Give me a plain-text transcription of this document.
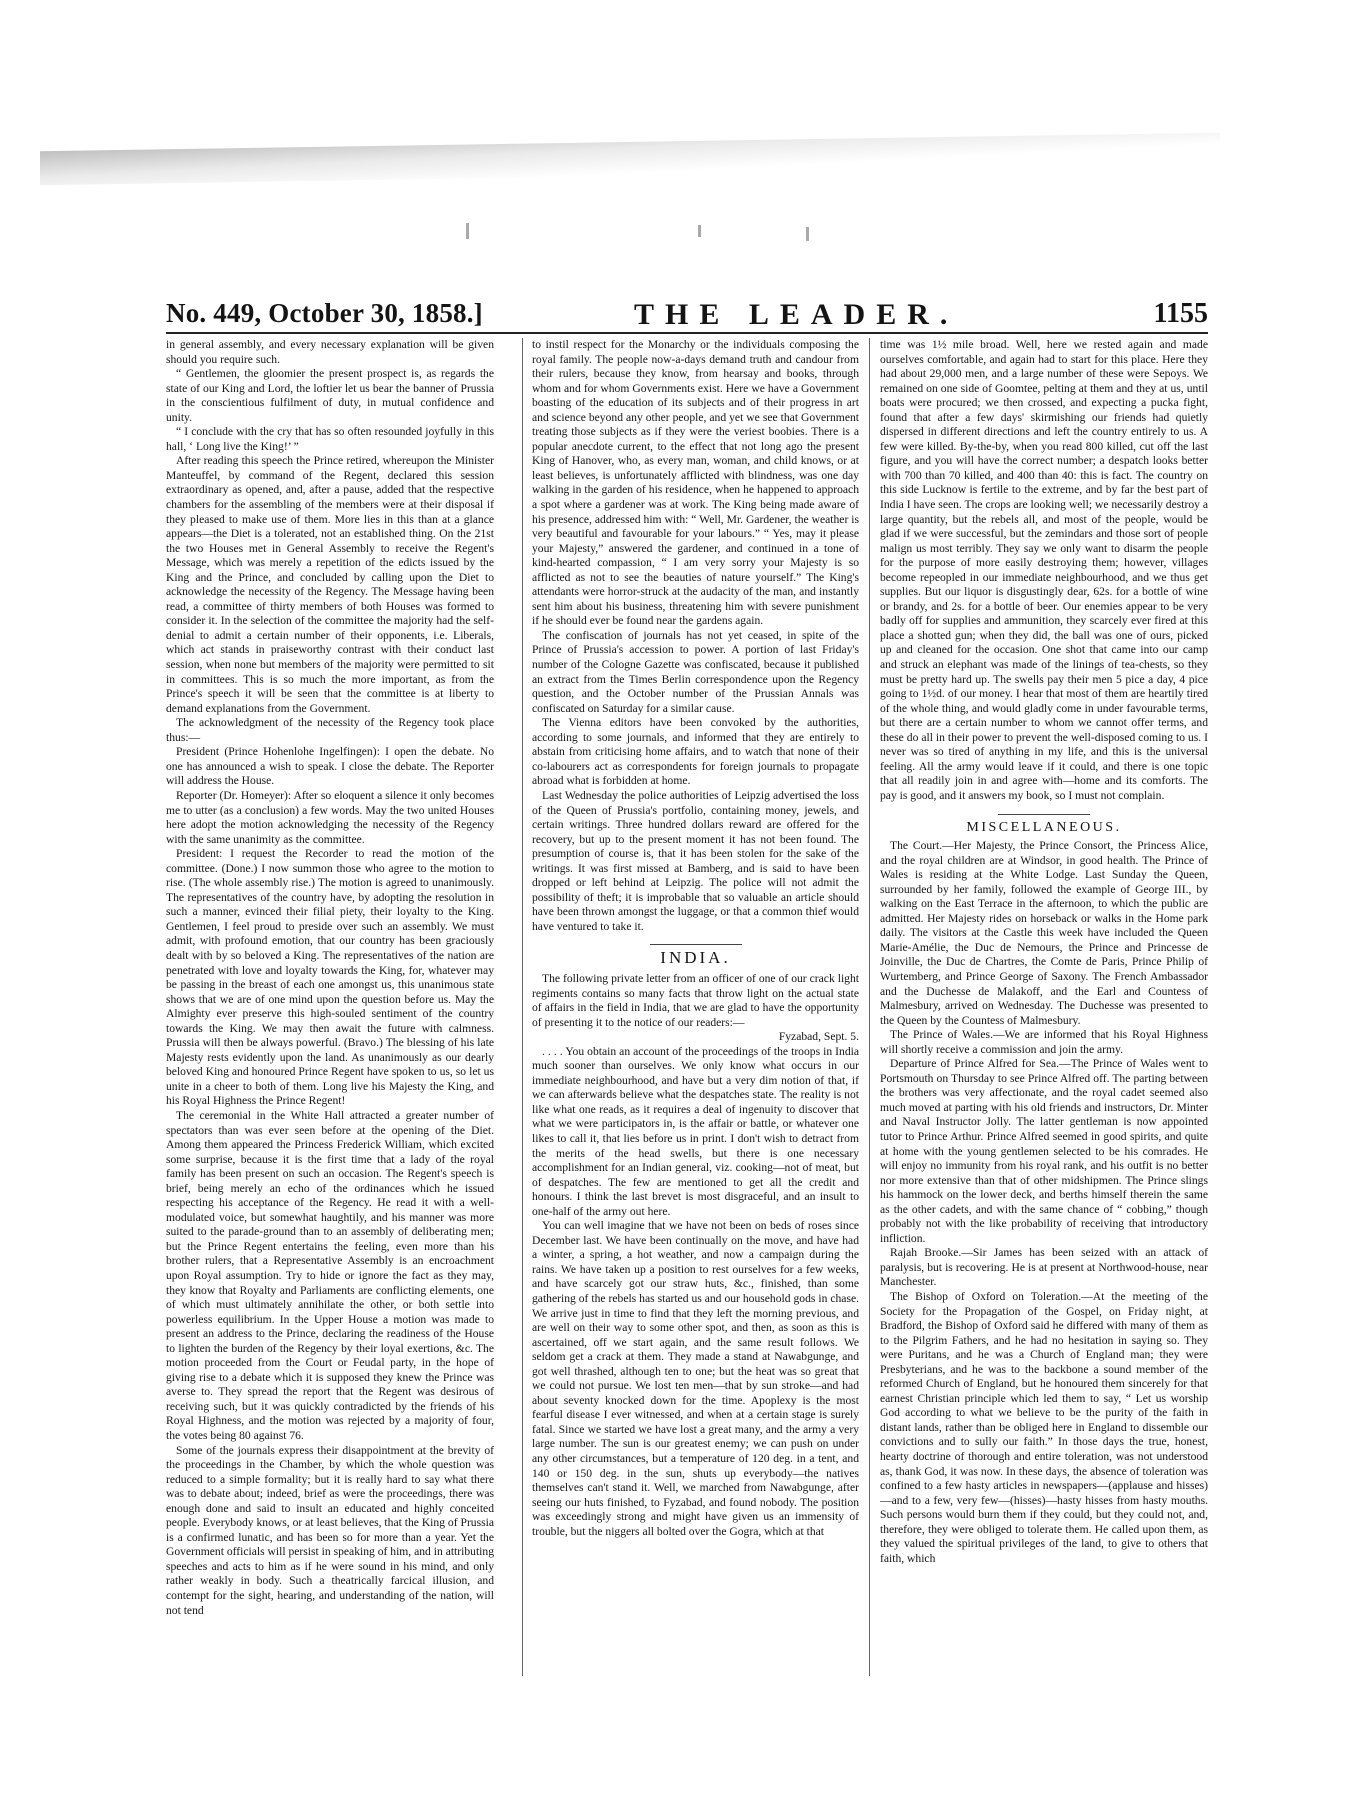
No. 449, October 30, 1858.]	THE LEADER.	1155

in general assembly, and every necessary explanation will be given should you require such.

“ Gentlemen, the gloomier the present prospect is, as regards the state of our King and Lord, the loftier let us bear the banner of Prussia in the conscientious fulfilment of duty, in mutual confidence and unity.

“ I conclude with the cry that has so often resounded joyfully in this hall, ‘ Long live the King!’ ”

After reading this speech the Prince retired, whereupon the Minister Manteuffel, by command of the Regent, declared this session extraordinary as opened, and, after a pause, added that the respective chambers for the assembling of the members were at their disposal if they pleased to make use of them. More lies in this than at a glance appears—the Diet is a tolerated, not an established thing. On the 21st the two Houses met in General Assembly to receive the Regent's Message, which was merely a repetition of the edicts issued by the King and the Prince, and concluded by calling upon the Diet to acknowledge the necessity of the Regency. The Message having been read, a committee of thirty members of both Houses was formed to consider it. In the selection of the committee the majority had the self-denial to admit a certain number of their opponents, i.e. Liberals, which act stands in praiseworthy contrast with their conduct last session, when none but members of the majority were permitted to sit in committees. This is so much the more important, as from the Prince's speech it will be seen that the committee is at liberty to demand explanations from the Government.

The acknowledgment of the necessity of the Regency took place thus:—

President (Prince Hohenlohe Ingelfingen): I open the debate. No one has announced a wish to speak. I close the debate. The Reporter will address the House.

Reporter (Dr. Homeyer): After so eloquent a silence it only becomes me to utter (as a conclusion) a few words. May the two united Houses here adopt the motion acknowledging the necessity of the Regency with the same unanimity as the committee.

President: I request the Recorder to read the motion of the committee. (Done.) I now summon those who agree to the motion to rise. (The whole assembly rise.) The motion is agreed to unanimously. The representatives of the country have, by adopting the resolution in such a manner, evinced their filial piety, their loyalty to the King. Gentlemen, I feel proud to preside over such an assembly. We must admit, with profound emotion, that our country has been graciously dealt with by so beloved a King. The representatives of the nation are penetrated with love and loyalty towards the King, for, whatever may be passing in the breast of each one amongst us, this unanimous state shows that we are of one mind upon the question before us. May the Almighty ever preserve this high-souled sentiment of the country towards the King. We may then await the future with calmness. Prussia will then be always powerful. (Bravo.) The blessing of his late Majesty rests evidently upon the land. As unanimously as our dearly beloved King and honoured Prince Regent have spoken to us, so let us unite in a cheer to both of them. Long live his Majesty the King, and his Royal Highness the Prince Regent!

The ceremonial in the White Hall attracted a greater number of spectators than was ever seen before at the opening of the Diet. Among them appeared the Princess Frederick William, which excited some surprise, because it is the first time that a lady of the royal family has been present on such an occasion. The Regent's speech is brief, being merely an echo of the ordinances which he issued respecting his acceptance of the Regency. He read it with a well-modulated voice, but somewhat haughtily, and his manner was more suited to the parade-ground than to an assembly of deliberating men; but the Prince Regent entertains the feeling, even more than his brother rulers, that a Representative Assembly is an encroachment upon Royal assumption. Try to hide or ignore the fact as they may, they know that Royalty and Parliaments are conflicting elements, one of which must ultimately annihilate the other, or both settle into powerless equilibrium. In the Upper House a motion was made to present an address to the Prince, declaring the readiness of the House to lighten the burden of the Regency by their loyal exertions, &c. The motion proceeded from the Court or Feudal party, in the hope of giving rise to a debate which it is supposed they knew the Prince was averse to. They spread the report that the Regent was desirous of receiving such, but it was quickly contradicted by the friends of his Royal Highness, and the motion was rejected by a majority of four, the votes being 80 against 76.

Some of the journals express their disappointment at the brevity of the proceedings in the Chamber, by which the whole question was reduced to a simple formality; but it is really hard to say what there was to debate about; indeed, brief as were the proceedings, there was enough done and said to insult an educated and highly conceited people. Everybody knows, or at least believes, that the King of Prussia is a confirmed lunatic, and has been so for more than a year. Yet the Government officials will persist in speaking of him, and in attributing speeches and acts to him as if he were sound in his mind, and only rather weakly in body. Such a theatrically farcical illusion, and contempt for the sight, hearing, and understanding of the nation, will not tend

to instil respect for the Monarchy or the individuals composing the royal family. The people now-a-days demand truth and candour from their rulers, because they know, from hearsay and books, through whom and for whom Governments exist. Here we have a Government boasting of the education of its subjects and of their progress in art and science beyond any other people, and yet we see that Government treating those subjects as if they were the veriest boobies. There is a popular anecdote current, to the effect that not long ago the present King of Hanover, who, as every man, woman, and child knows, or at least believes, is unfortunately afflicted with blindness, was one day walking in the garden of his residence, when he happened to approach a spot where a gardener was at work. The King being made aware of his presence, addressed him with: “ Well, Mr. Gardener, the weather is very beautiful and favourable for your labours.” “ Yes, may it please your Majesty,” answered the gardener, and continued in a tone of kind-hearted compassion, “ I am very sorry your Majesty is so afflicted as not to see the beauties of nature yourself.” The King's attendants were horror-struck at the audacity of the man, and instantly sent him about his business, threatening him with severe punishment if he should ever be found near the gardens again.

The confiscation of journals has not yet ceased, in spite of the Prince of Prussia's accession to power. A portion of last Friday's number of the Cologne Gazette was confiscated, because it published an extract from the Times Berlin correspondence upon the Regency question, and the October number of the Prussian Annals was confiscated on Saturday for a similar cause.

The Vienna editors have been convoked by the authorities, according to some journals, and informed that they are entirely to abstain from criticising home affairs, and to watch that none of their co-labourers act as correspondents for foreign journals to propagate abroad what is forbidden at home.

Last Wednesday the police authorities of Leipzig advertised the loss of the Queen of Prussia's portfolio, containing money, jewels, and certain writings. Three hundred dollars reward are offered for the recovery, but up to the present moment it has not been found. The presumption of course is, that it has been stolen for the sake of the writings. It was first missed at Bamberg, and is said to have been dropped or left behind at Leipzig. The police will not admit the possibility of theft; it is improbable that so valuable an article should have been thrown amongst the luggage, or that a common thief would have ventured to take it.

INDIA.

The following private letter from an officer of one of our crack light regiments contains so many facts that throw light on the actual state of affairs in the field in India, that we are glad to have the opportunity of presenting it to the notice of our readers:—

Fyzabad, Sept. 5.

. . . . You obtain an account of the proceedings of the troops in India much sooner than ourselves. We only know what occurs in our immediate neighbourhood, and have but a very dim notion of that, if we can afterwards believe what the despatches state. The reality is not like what one reads, as it requires a deal of ingenuity to discover that what we were participators in, is the affair or battle, or whatever one likes to call it, that lies before us in print. I don't wish to detract from the merits of the head swells, but there is one necessary accomplishment for an Indian general, viz. cooking—not of meat, but of despatches. The few are mentioned to get all the credit and honours. I think the last brevet is most disgraceful, and an insult to one-half of the army out here.

You can well imagine that we have not been on beds of roses since December last. We have been continually on the move, and have had a winter, a spring, a hot weather, and now a campaign during the rains. We have taken up a position to rest ourselves for a few weeks, and have scarcely got our straw huts, &c., finished, than some gathering of the rebels has started us and our household gods in chase. We arrive just in time to find that they left the morning previous, and are well on their way to some other spot, and then, as soon as this is ascertained, off we start again, and the same result follows. We seldom get a crack at them. They made a stand at Nawabgunge, and got well thrashed, although ten to one; but the heat was so great that we could not pursue. We lost ten men—that by sun stroke—and had about seventy knocked down for the time. Apoplexy is the most fearful disease I ever witnessed, and when at a certain stage is surely fatal. Since we started we have lost a great many, and the army a very large number. The sun is our greatest enemy; we can push on under any other circumstances, but a temperature of 120 deg. in a tent, and 140 or 150 deg. in the sun, shuts up everybody—the natives themselves can't stand it. Well, we marched from Nawabgunge, after seeing our huts finished, to Fyzabad, and found nobody. The position was exceedingly strong and might have given us an immensity of trouble, but the niggers all bolted over the Gogra, which at that

time was 1½ mile broad. Well, here we rested again and made ourselves comfortable, and again had to start for this place. Here they had about 29,000 men, and a large number of these were Sepoys. We remained on one side of Goomtee, pelting at them and they at us, until boats were procured; we then crossed, and expecting a pucka fight, found that after a few days' skirmishing our friends had quietly dispersed in different directions and left the country entirely to us. A few were killed. By-the-by, when you read 800 killed, cut off the last figure, and you will have the correct number; a despatch looks better with 700 than 70 killed, and 400 than 40: this is fact. The country on this side Lucknow is fertile to the extreme, and by far the best part of India I have seen. The crops are looking well; we necessarily destroy a large quantity, but the rebels all, and most of the people, would be glad if we were successful, but the zemindars and those sort of people malign us most terribly. They say we only want to disarm the people for the purpose of more easily destroying them; however, villages become repeopled in our immediate neighbourhood, and we thus get supplies. But our liquor is disgustingly dear, 62s. for a bottle of wine or brandy, and 2s. for a bottle of beer. Our enemies appear to be very badly off for supplies and ammunition, they scarcely ever fired at this place a shotted gun; when they did, the ball was one of ours, picked up and cleaned for the occasion. One shot that came into our camp and struck an elephant was made of the linings of tea-chests, so they must be pretty hard up. The swells pay their men 5 pice a day, 4 pice going to 1½d. of our money. I hear that most of them are heartily tired of the whole thing, and would gladly come in under favourable terms, but there are a certain number to whom we cannot offer terms, and these do all in their power to prevent the well-disposed coming to us. I never was so tired of anything in my life, and this is the universal feeling. All the army would leave if it could, and there is one topic that all readily join in and agree with—home and its comforts. The pay is good, and it answers my book, so I must not complain.

MISCELLANEOUS.

The Court.—Her Majesty, the Prince Consort, the Princess Alice, and the royal children are at Windsor, in good health. The Prince of Wales is residing at the White Lodge. Last Sunday the Queen, surrounded by her family, followed the example of George III., by walking on the East Terrace in the afternoon, to which the public are admitted. Her Majesty rides on horseback or walks in the Home park daily. The visitors at the Castle this week have included the Queen Marie-Amélie, the Duc de Nemours, the Prince and Princesse de Joinville, the Duc de Chartres, the Comte de Paris, Prince Philip of Wurtemberg, and Prince George of Saxony. The French Ambassador and the Duchesse de Malakoff, and the Earl and Countess of Malmesbury, arrived on Wednesday. The Duchesse was presented to the Queen by the Countess of Malmesbury.

The Prince of Wales.—We are informed that his Royal Highness will shortly receive a commission and join the army.

Departure of Prince Alfred for Sea.—The Prince of Wales went to Portsmouth on Thursday to see Prince Alfred off. The parting between the brothers was very affectionate, and the royal cadet seemed also much moved at parting with his old friends and instructors, Dr. Minter and Naval Instructor Jolly. The latter gentleman is now appointed tutor to Prince Arthur. Prince Alfred seemed in good spirits, and quite at home with the young gentlemen selected to be his comrades. He will enjoy no immunity from his royal rank, and his outfit is no better nor more extensive than that of other midshipmen. The Prince slings his hammock on the lower deck, and berths himself therein the same as the other cadets, and with the same chance of “ cobbing,” though probably not with the like probability of receiving that introductory infliction.

Rajah Brooke.—Sir James has been seized with an attack of paralysis, but is recovering. He is at present at Northwood-house, near Manchester.

The Bishop of Oxford on Toleration.—At the meeting of the Society for the Propagation of the Gospel, on Friday night, at Bradford, the Bishop of Oxford said he differed with many of them as to the Pilgrim Fathers, and he had no hesitation in saying so. They were Puritans, and he was a Church of England man; they were Presbyterians, and he was to the backbone a sound member of the reformed Church of England, but he honoured them sincerely for that earnest Christian principle which led them to say, “ Let us worship God according to what we believe to be the purity of the faith in distant lands, rather than be obliged here in England to dissemble our convictions and to sully our faith.” In those days the true, honest, hearty doctrine of thorough and entire toleration, was not understood as, thank God, it was now. In these days, the absence of toleration was confined to a few hasty articles in newspapers—(applause and hisses)—and to a few, very few—(hisses)—hasty hisses from hasty mouths. Such persons would burn them if they could, but they could not, and, therefore, they were obliged to tolerate them. He called upon them, as they valued the spiritual privileges of the land, to give to others that faith, which
